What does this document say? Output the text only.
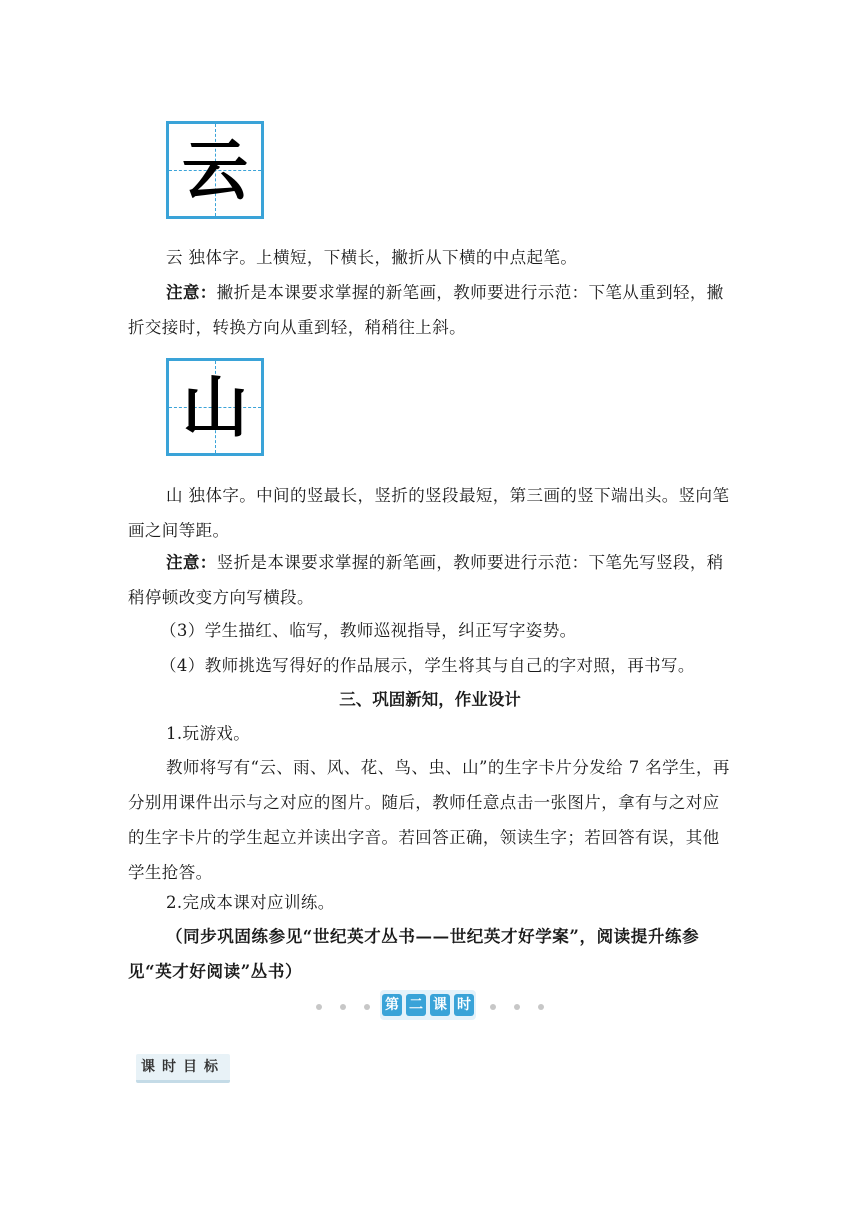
云
云 独体字。上横短，下横长，撇折从下横的中点起笔。
注意：撇折是本课要求掌握的新笔画，教师要进行示范：下笔从重到轻，撇折交接时，转换方向从重到轻，稍稍往上斜。
山
山 独体字。中间的竖最长，竖折的竖段最短，第三画的竖下端出头。竖向笔画之间等距。
注意：竖折是本课要求掌握的新笔画，教师要进行示范：下笔先写竖段，稍稍停顿改变方向写横段。
（3）学生描红、临写，教师巡视指导，纠正写字姿势。
（4）教师挑选写得好的作品展示，学生将其与自己的字对照，再书写。
三、巩固新知，作业设计
1.玩游戏。
教师将写有“云、雨、风、花、鸟、虫、山”的生字卡片分发给 7 名学生，再分别用课件出示与之对应的图片。随后，教师任意点击一张图片，拿有与之对应的生字卡片的学生起立并读出字音。若回答正确，领读生字；若回答有误，其他学生抢答。
2.完成本课对应训练。
（同步巩固练参见“世纪英才丛书——世纪英才好学案”，阅读提升练参见“英才好阅读”丛书）
第 二 课 时
课时目标
